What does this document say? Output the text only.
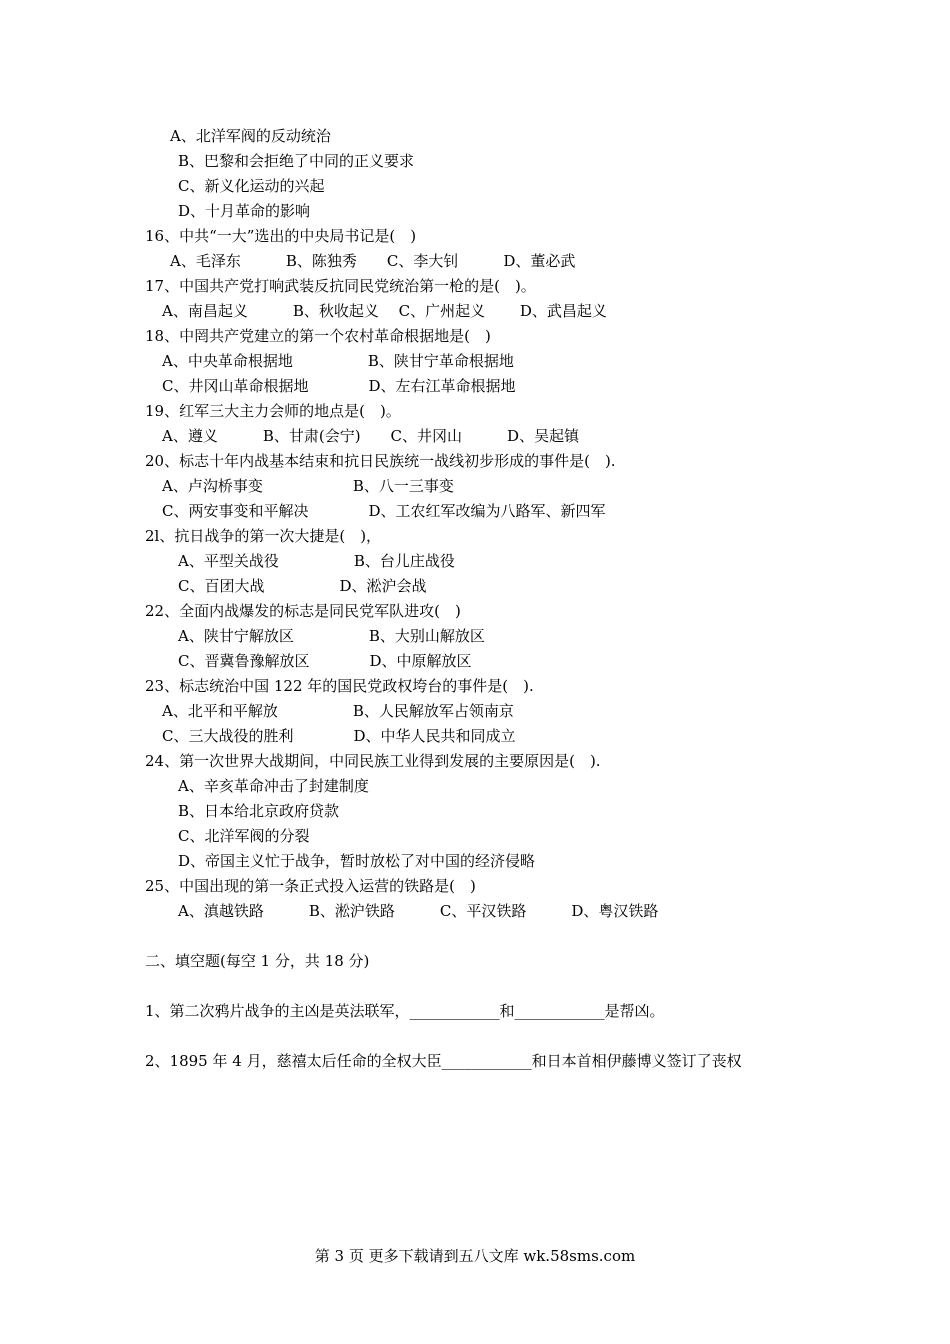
A、北洋军阀的反动统治
B、巴黎和会拒绝了中同的正义要求
C、新义化运动的兴起
D、十月革命的影响
16、中共“一大”选出的中央局书记是(　)
A、毛泽东　　　B、陈独秀　　C、李大钊　　　D、董必武
17、中国共产党打响武装反抗同民党统治第一枪的是(　)。
A、南昌起义　　　B、秋收起义　 C、广州起义　　 D、武昌起义
18、中罔共产党建立的第一个农村革命根据地是(　)
A、中央革命根据地　　　　　B、陕甘宁革命根据地
C、井冈山革命根据地　　　　D、左右江革命根据地
19、红军三大主力会师的地点是(　)。
A、遵义　　　B、甘肃(会宁)　　C、井冈山　　　D、吴起镇
20、标志十年内战基本结束和抗日民族统一战线初步形成的事件是(　).
A、卢沟桥事变　　　　　　B、八一三事变
C、两安事变和平解决　　　　D、工农红军改编为八路军、新四军
2l、抗日战争的第一次大捷是(　)，
A、平型关战役　　　　　B、台儿庄战役
C、百团大战　　　　　D、淞沪会战
22、全面内战爆发的标志是同民党军队进攻(　)
A、陕甘宁解放区　　　　　B、大别山解放区
C、晋冀鲁豫解放区　　　　D、中原解放区
23、标志统治中国 122 年的国民党政权垮台的事件是(　).
A、北平和平解放　　　　　B、人民解放军占领南京
C、三大战役的胜利　　　　D、中华人民共和同成立
24、第一次世界大战期间，中同民族工业得到发展的主要原因是(　).
A、辛亥革命冲击了封建制度
B、日本给北京政府贷款
C、北洋军阀的分裂
D、帝国主义忙于战争，暂时放松了对中国的经济侵略
25、中国出现的第一条正式投入运营的铁路是(　)
A、滇越铁路　　　B、淞沪铁路　　　C、平汉铁路　　　D、粤汉铁路
二、填空题(每空 1 分，共 18 分)
1、第二次鸦片战争的主凶是英法联军，____________和____________是帮凶。
2、1895 年 4 月，慈禧太后任命的全权大臣____________和日本首相伊藤博义签订了丧权
第 3 页 更多下载请到五八文库 wk.58sms.com
